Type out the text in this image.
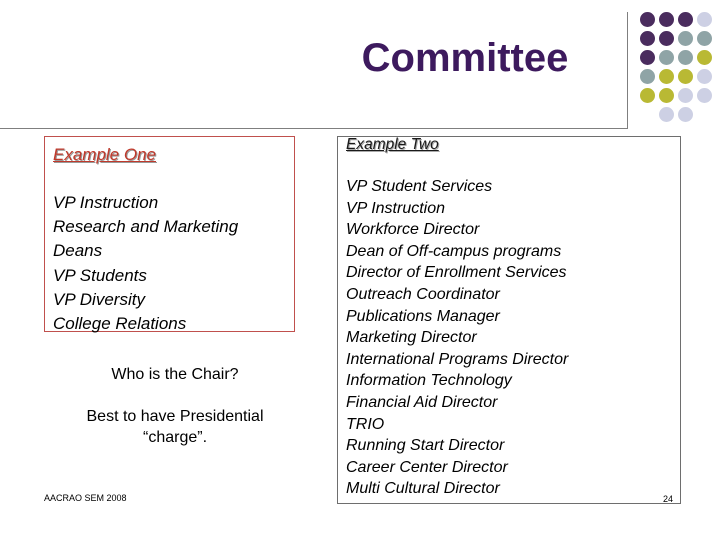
Committee
Example One
VP Instruction
Research and Marketing
Deans
VP Students
VP Diversity
College Relations
Who is the Chair?
Best to have Presidential
“charge”.
AACRAO SEM 2008
Example Two
VP Student Services
VP Instruction
Workforce Director
Dean of Off-campus programs
Director of Enrollment Services
Outreach Coordinator
Publications Manager
Marketing Director
International Programs Director
Information Technology
Financial Aid Director
TRIO
Running Start Director
Career Center Director
Multi Cultural Director
24
